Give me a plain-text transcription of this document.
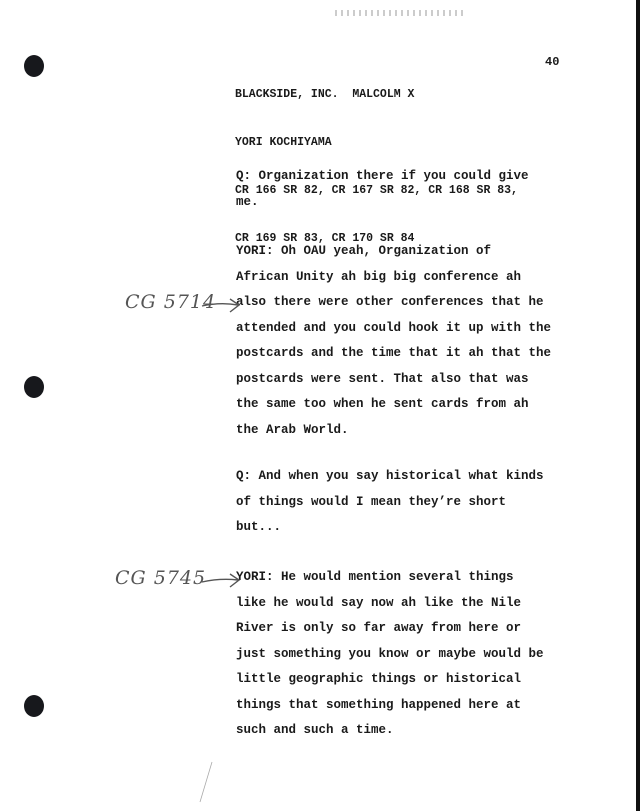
BLACKSIDE, INC.  MALCOLM X

YORI KOCHIYAMA

CR 166 SR 82, CR 167 SR 82, CR 168 SR 83,

CR 169 SR 83, CR 170 SR 84

40
Q: Organization there if you could give
me.
YORI: Oh OAU yeah, Organization of
African Unity ah big big conference ah
also there were other conferences that he
attended and you could hook it up with the
postcards and the time that it ah that the
postcards were sent. That also that was
the same too when he sent cards from ah
the Arab World.
Q: And when you say historical what kinds
of things would I mean they’re short
but...
YORI: He would mention several things
like he would say now ah like the Nile
River is only so far away from here or
just something you know or maybe would be
little geographic things or historical
things that something happened here at
such and such a time.
CG 5714
CG 5745
